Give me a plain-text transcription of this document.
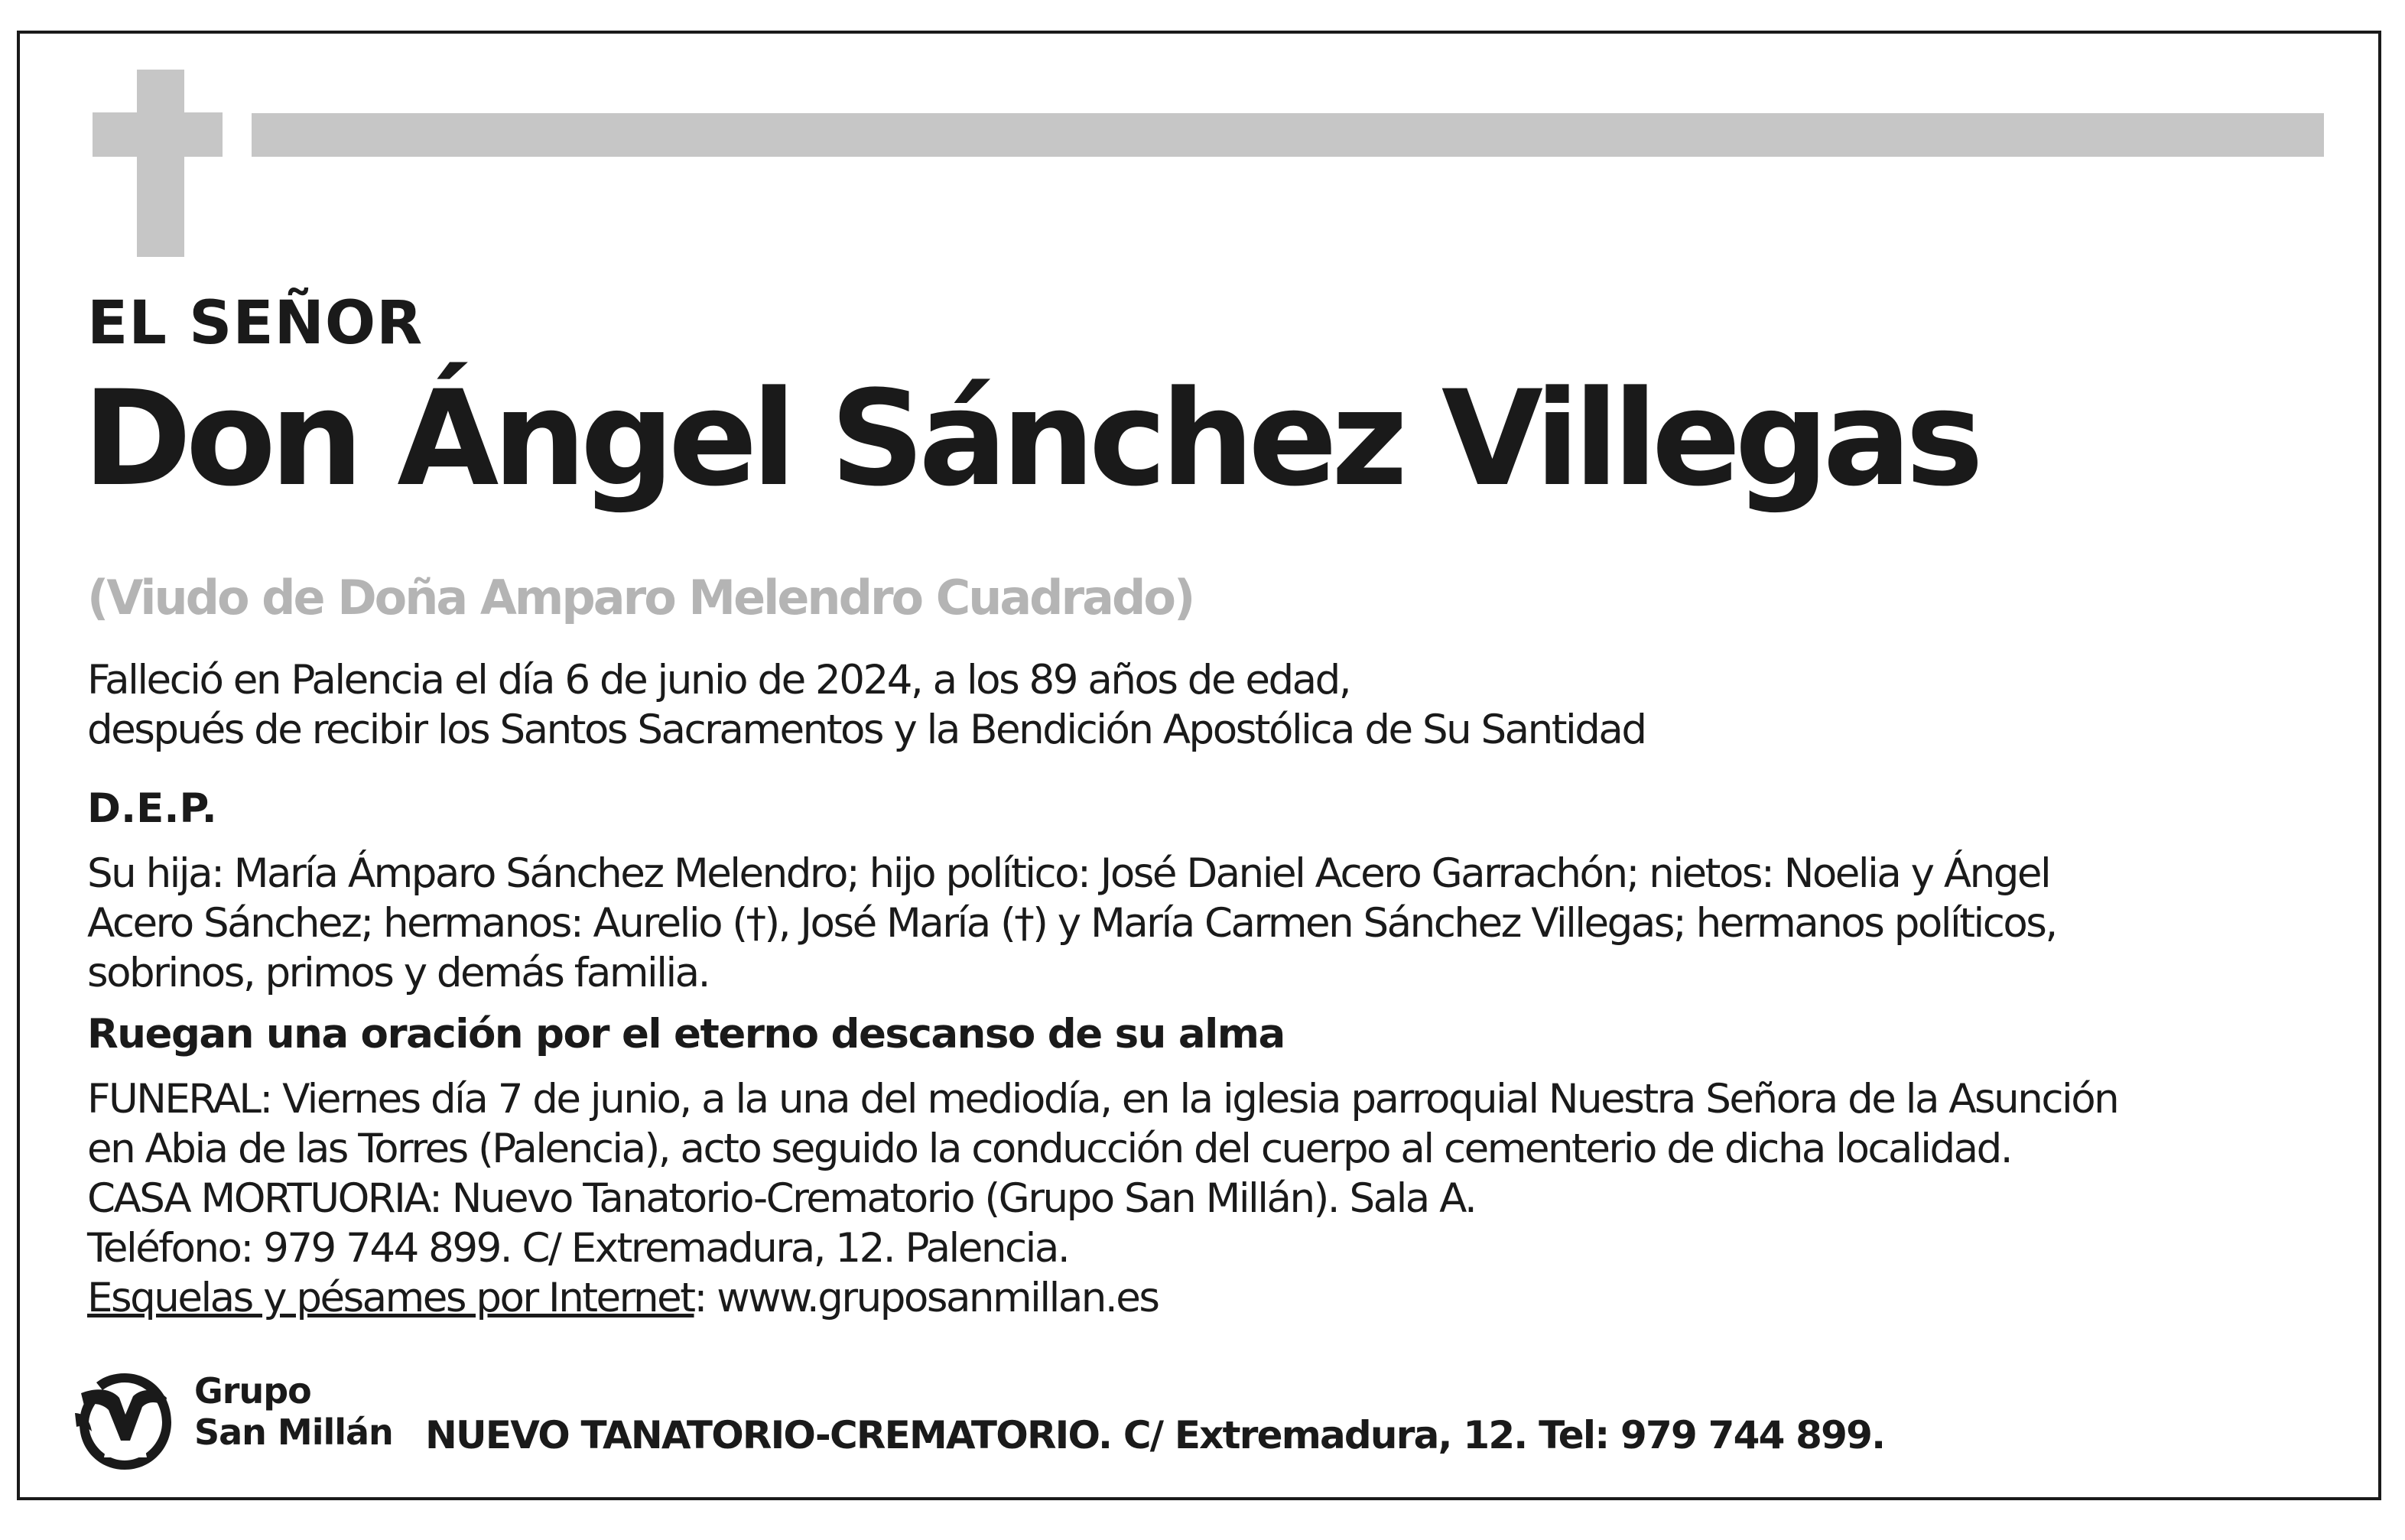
EL SEÑOR
Don Ángel Sánchez Villegas
(Viudo de Doña Amparo Melendro Cuadrado)
Falleció en Palencia el día 6 de junio de 2024, a los 89 años de edad,
después de recibir los Santos Sacramentos y la Bendición Apostólica de Su Santidad
D.E.P.
Su hija: María Ámparo Sánchez Melendro; hijo político: José Daniel Acero Garrachón; nietos: Noelia y Ángel
Acero Sánchez; hermanos: Aurelio (†), José María (†) y María Carmen Sánchez Villegas; hermanos políticos,
sobrinos, primos y demás familia.
Ruegan una oración por el eterno descanso de su alma
FUNERAL: Viernes día 7 de junio, a la una del mediodía, en la iglesia parroquial Nuestra Señora de la Asunción
en Abia de las Torres (Palencia), acto seguido la conducción del cuerpo al cementerio de dicha localidad.
CASA MORTUORIA: Nuevo Tanatorio-Crematorio (Grupo San Millán). Sala A.
Teléfono: 979 744 899. C/ Extremadura, 12. Palencia.
Esquelas y pésames por Internet: www.gruposanmillan.es
Grupo
San Millán NUEVO TANATORIO-CREMATORIO. C/ Extremadura, 12. Tel: 979 744 899.
